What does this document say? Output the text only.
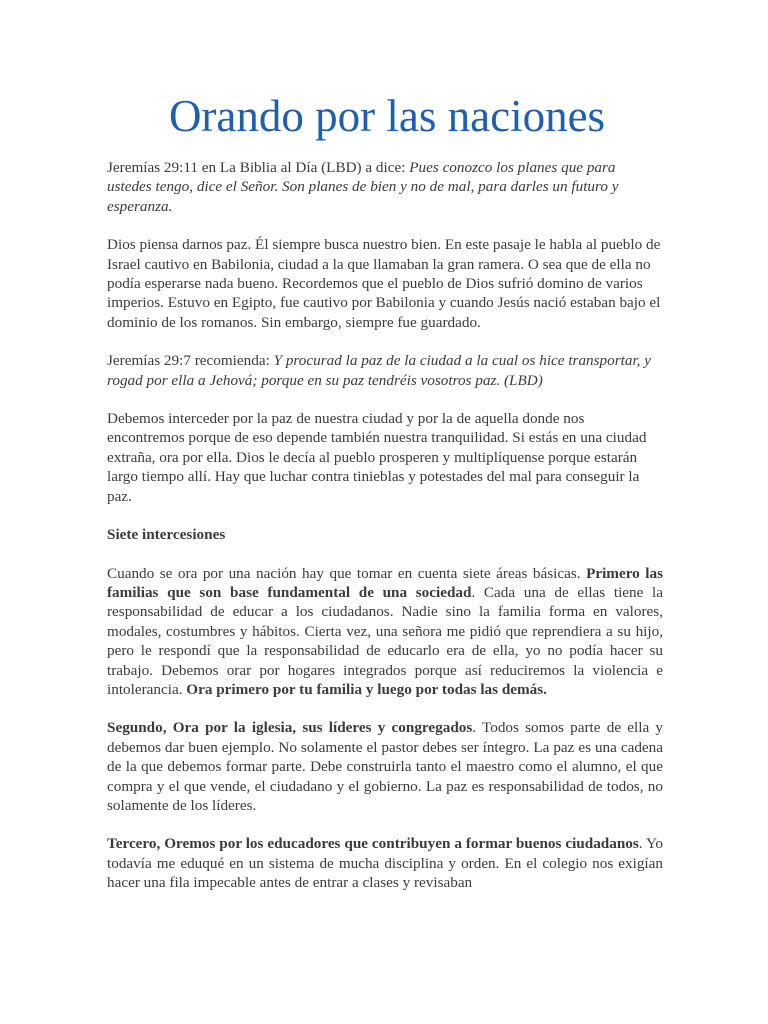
Orando por las naciones

Jeremías 29:11 en La Biblia al Día (LBD) a dice: Pues conozco los planes que para ustedes tengo, dice el Señor. Son planes de bien y no de mal, para darles un futuro y esperanza.

Dios piensa darnos paz. Él siempre busca nuestro bien. En este pasaje le habla al pueblo de Israel cautivo en Babilonia, ciudad a la que llamaban la gran ramera. O sea que de ella no podía esperarse nada bueno. Recordemos que el pueblo de Dios sufrió domino de varios imperios. Estuvo en Egipto, fue cautivo por Babilonia y cuando Jesús nació estaban bajo el dominio de los romanos. Sin embargo, siempre fue guardado.

Jeremías 29:7 recomienda: Y procurad la paz de la ciudad a la cual os hice transportar, y rogad por ella a Jehová; porque en su paz tendréis vosotros paz. (LBD)

Debemos interceder por la paz de nuestra ciudad y por la de aquella donde nos encontremos porque de eso depende también nuestra tranquilidad. Si estás en una ciudad extraña, ora por ella. Dios le decía al pueblo prosperen y multiplíquense porque estarán largo tiempo allí. Hay que luchar contra tinieblas y potestades del mal para conseguir la paz.

Siete intercesiones

Cuando se ora por una nación hay que tomar en cuenta siete áreas básicas. Primero las familias que son base fundamental de una sociedad. Cada una de ellas tiene la responsabilidad de educar a los ciudadanos. Nadie sino la familia forma en valores, modales, costumbres y hábitos. Cierta vez, una señora me pidió que reprendiera a su hijo, pero le respondí que la responsabilidad de educarlo era de ella, yo no podía hacer su trabajo. Debemos orar por hogares integrados porque así reduciremos la violencia e intolerancia. Ora primero por tu familia y luego por todas las demás.

Segundo, Ora por la iglesia, sus líderes y congregados. Todos somos parte de ella y debemos dar buen ejemplo. No solamente el pastor debes ser íntegro. La paz es una cadena de la que debemos formar parte. Debe construirla tanto el maestro como el alumno, el que compra y el que vende, el ciudadano y el gobierno. La paz es responsabilidad de todos, no solamente de los líderes.

Tercero, Oremos por los educadores que contribuyen a formar buenos ciudadanos. Yo todavía me eduqué en un sistema de mucha disciplina y orden. En el colegio nos exigían hacer una fila impecable antes de entrar a clases y revisaban
